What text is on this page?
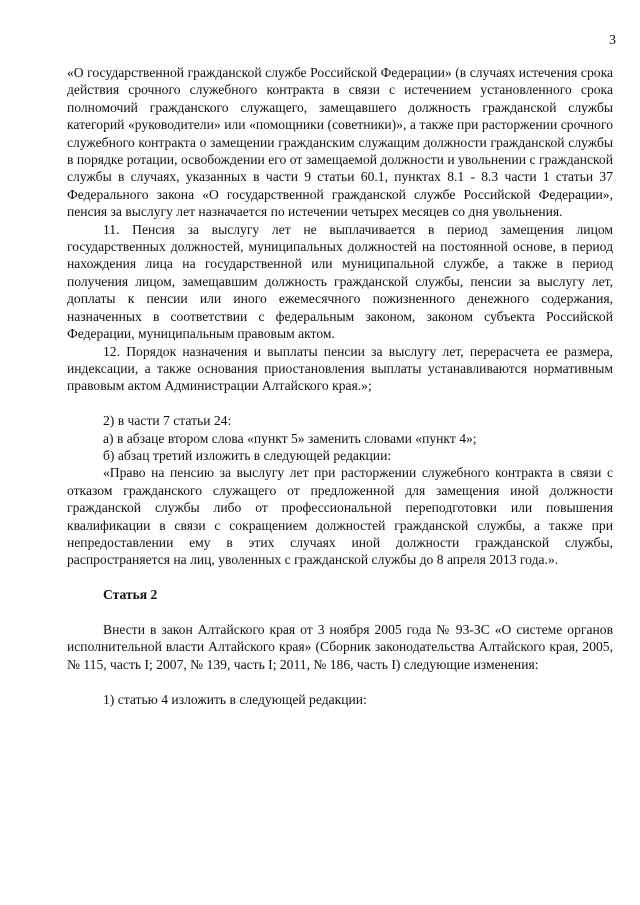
3

«О государственной гражданской службе Российской Федерации» (в случаях истечения срока действия срочного служебного контракта в связи с истечением установленного срока полномочий гражданского служащего, замещавшего должность гражданской службы категорий «руководители» или «помощники (советники)», а также при расторжении срочного служебного контракта о замещении гражданским служащим должности гражданской службы в порядке ротации, освобождении его от замещаемой должности и увольнении с гражданской службы в случаях, указанных в части 9 статьи 60.1, пунктах 8.1 - 8.3 части 1 статьи 37 Федерального закона «О государственной гражданской службе Российской Федерации», пенсия за выслугу лет назначается по истечении четырех месяцев со дня увольнения.

11. Пенсия за выслугу лет не выплачивается в период замещения лицом государственных должностей, муниципальных должностей на постоянной основе, в период нахождения лица на государственной или муниципальной службе, а также в период получения лицом, замещавшим должность гражданской службы, пенсии за выслугу лет, доплаты к пенсии или иного ежемесячного пожизненного денежного содержания, назначенных в соответствии с федеральным законом, законом субъекта Российской Федерации, муниципальным правовым актом.

12. Порядок назначения и выплаты пенсии за выслугу лет, перерасчета ее размера, индексации, а также основания приостановления выплаты устанавливаются нормативным правовым актом Администрации Алтайского края.»;

2) в части 7 статьи 24:

а) в абзаце втором слова «пункт 5» заменить словами «пункт 4»;

б) абзац третий изложить в следующей редакции:

«Право на пенсию за выслугу лет при расторжении служебного контракта в связи с отказом гражданского служащего от предложенной для замещения иной должности гражданской службы либо от профессиональной переподготовки или повышения квалификации в связи с сокращением должностей гражданской службы, а также при непредоставлении ему в этих случаях иной должности гражданской службы, распространяется на лиц, уволенных с гражданской службы до 8 апреля 2013 года.».

Статья 2

Внести в закон Алтайского края от 3 ноября 2005 года № 93-ЗС «О системе органов исполнительной власти Алтайского края» (Сборник законодательства Алтайского края, 2005, № 115, часть I; 2007, № 139, часть I; 2011, № 186, часть I) следующие изменения:

1) статью 4 изложить в следующей редакции:
